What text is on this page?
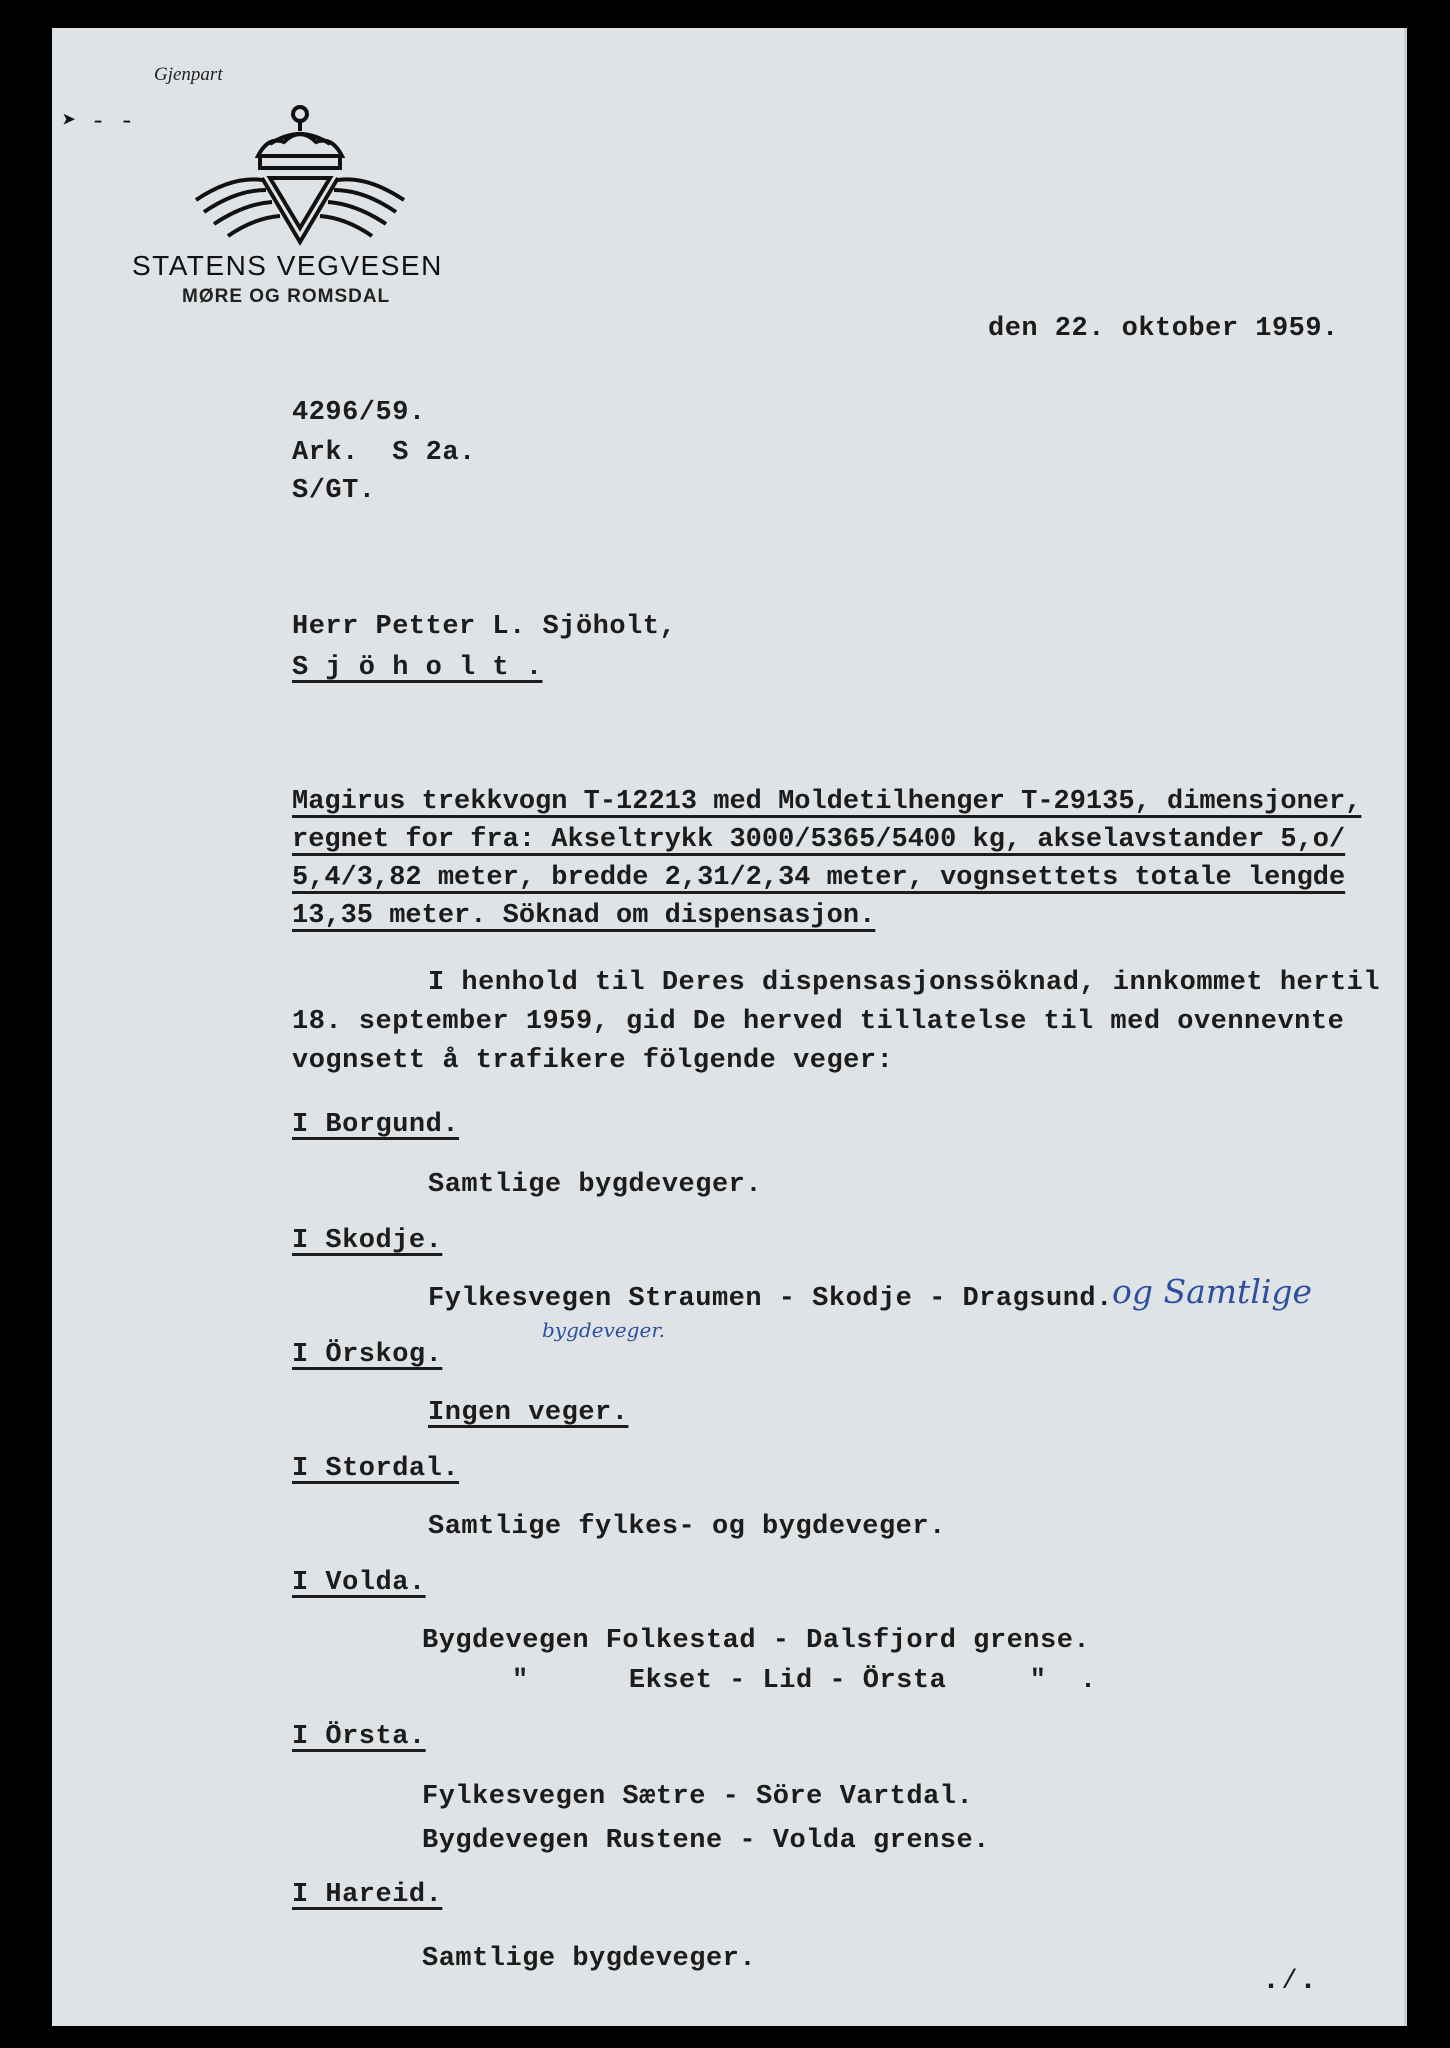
Gjenpart
➤ ‑ ‑
STATENS VEGVESEN
MØRE OG ROMSDAL
den 22. oktober 1959.
4296/59.
Ark.  S 2a.
S/GT.
Herr Petter L. Sjöholt,
S j ö h o l t .
Magirus trekkvogn T-12213 med Moldetilhenger T-29135, dimensjoner,
regnet for fra: Akseltrykk 3000/5365/5400 kg, akselavstander 5,o/
5,4/3,82 meter, bredde 2,31/2,34 meter, vognsettets totale lengde
13,35 meter. Söknad om dispensasjon.
I henhold til Deres dispensasjonssöknad, innkommet hertil
18. september 1959, gid De herved tillatelse til med ovennevnte
vognsett å trafikere fölgende veger:
I Borgund.
Samtlige bygdeveger.
I Skodje.
Fylkesvegen Straumen - Skodje - Dragsund. og Samtlige
bygdeveger.
I Örskog.
Ingen veger.
I Stordal.
Samtlige fylkes- og bygdeveger.
I Volda.
Bygdevegen Folkestad - Dalsfjord grense.
"      Ekset - Lid - Örsta     "  .
I Örsta.
Fylkesvegen Sætre - Söre Vartdal.
Bygdevegen Rustene - Volda grense.
I Hareid.
Samtlige bygdeveger.
.⁄.
